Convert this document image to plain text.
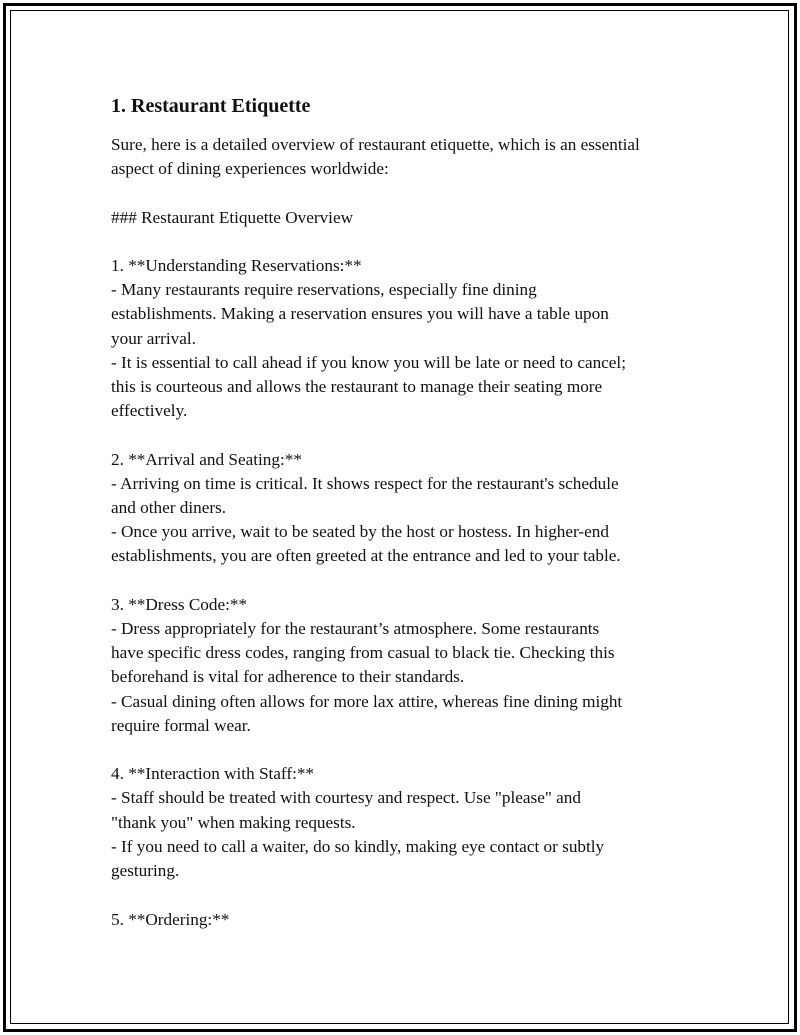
1. Restaurant Etiquette

Sure, here is a detailed overview of restaurant etiquette, which is an essential
aspect of dining experiences worldwide:

### Restaurant Etiquette Overview

1. **Understanding Reservations:**
- Many restaurants require reservations, especially fine dining
establishments. Making a reservation ensures you will have a table upon
your arrival.
- It is essential to call ahead if you know you will be late or need to cancel;
this is courteous and allows the restaurant to manage their seating more
effectively.

2. **Arrival and Seating:**
- Arriving on time is critical. It shows respect for the restaurant's schedule
and other diners.
- Once you arrive, wait to be seated by the host or hostess. In higher-end
establishments, you are often greeted at the entrance and led to your table.

3. **Dress Code:**
- Dress appropriately for the restaurant’s atmosphere. Some restaurants
have specific dress codes, ranging from casual to black tie. Checking this
beforehand is vital for adherence to their standards.
- Casual dining often allows for more lax attire, whereas fine dining might
require formal wear.

4. **Interaction with Staff:**
- Staff should be treated with courtesy and respect. Use "please" and
"thank you" when making requests.
- If you need to call a waiter, do so kindly, making eye contact or subtly
gesturing.

5. **Ordering:**
